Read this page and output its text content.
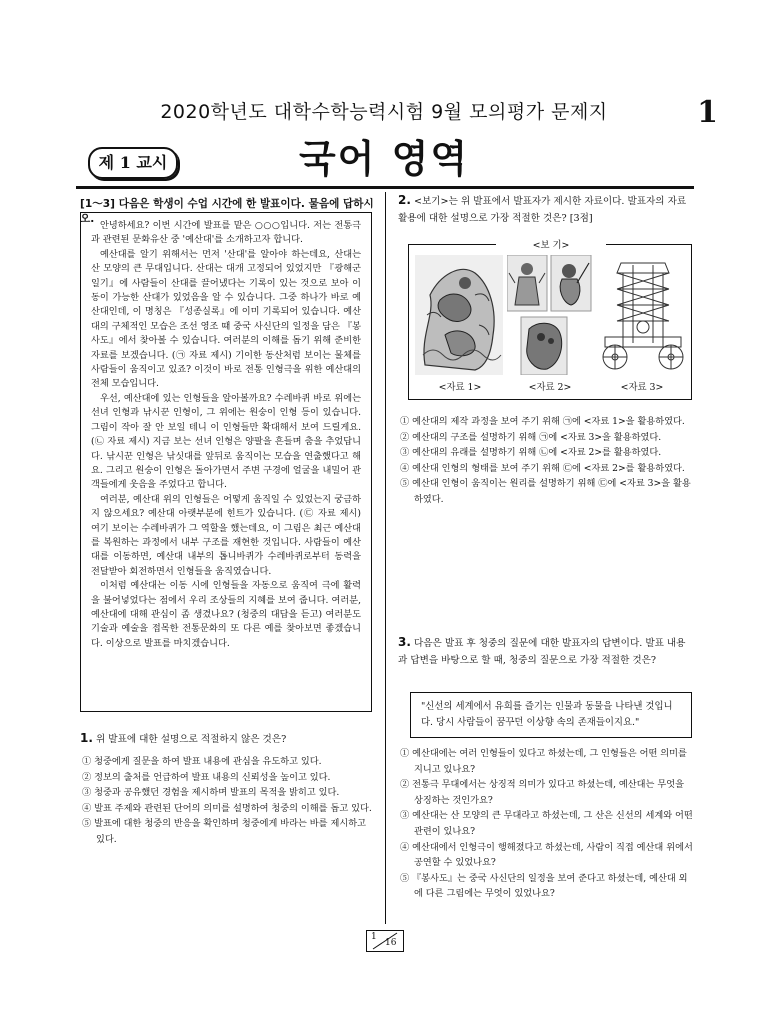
2020학년도 대학수학능력시험 9월 모의평가 문제지	1
제 1 교시	국어 영역
[1～3] 다음은 학생이 수업 시간에 한 발표이다. 물음에 답하시오.

안녕하세요? 이번 시간에 발표를 맡은 ○○○입니다. 저는 전통극과 관련된 문화유산 중 '예산대'를 소개하고자 합니다.

예산대를 알기 위해서는 먼저 '산대'를 알아야 하는데요, 산대는 산 모양의 큰 무대입니다. 산대는 대개 고정되어 있었지만 『광해군일기』에 사람들이 산대를 끌어냈다는 기록이 있는 것으로 보아 이동이 가능한 산대가 있었음을 알 수 있습니다. 그중 하나가 바로 예산대인데, 이 명칭은 『성종실록』에 이미 기록되어 있습니다. 예산대의 구체적인 모습은 조선 영조 때 중국 사신단의 일정을 담은 『봉사도』에서 찾아볼 수 있습니다. 여러분의 이해를 돕기 위해 준비한 자료를 보겠습니다. (㉠ 자료 제시) 기이한 동산처럼 보이는 물체를 사람들이 움직이고 있죠? 이것이 바로 전통 인형극을 위한 예산대의 전체 모습입니다.

우선, 예산대에 있는 인형들을 알아볼까요? 수레바퀴 바로 위에는 선녀 인형과 낚시꾼 인형이, 그 위에는 원숭이 인형 등이 있습니다. 그림이 작아 잘 안 보일 테니 이 인형들만 확대해서 보여 드릴게요. (㉡ 자료 제시) 지금 보는 선녀 인형은 양팔을 흔들며 춤을 추었답니다. 낚시꾼 인형은 낚싯대를 앞뒤로 움직이는 모습을 연출했다고 해요. 그리고 원숭이 인형은 돌아가면서 주변 구경에 얼굴을 내밀어 관객들에게 웃음을 주었다고 합니다.

여러분, 예산대 위의 인형들은 어떻게 움직일 수 있었는지 궁금하지 않으세요? 예산대 아랫부분에 힌트가 있습니다. (㉢ 자료 제시) 여기 보이는 수레바퀴가 그 역할을 했는데요, 이 그림은 최근 예산대를 복원하는 과정에서 내부 구조를 재현한 것입니다. 사람들이 예산대를 이동하면, 예산대 내부의 톱니바퀴가 수레바퀴로부터 동력을 전달받아 회전하면서 인형들을 움직였습니다.

이처럼 예산대는 이동 시에 인형들을 자동으로 움직여 극에 활력을 불어넣었다는 점에서 우리 조상들의 지혜를 보여 줍니다. 여러분, 예산대에 대해 관심이 좀 생겼나요? (청중의 대답을 듣고) 여러분도 기술과 예술을 접목한 전통문화의 또 다른 예를 찾아보면 좋겠습니다. 이상으로 발표를 마치겠습니다.

1. 위 발표에 대한 설명으로 적절하지 않은 것은?

① 청중에게 질문을 하여 발표 내용에 관심을 유도하고 있다.

② 정보의 출처를 언급하여 발표 내용의 신뢰성을 높이고 있다.

③ 청중과 공유했던 경험을 제시하며 발표의 목적을 밝히고 있다.

④ 발표 주제와 관련된 단어의 의미를 설명하여 청중의 이해를 돕고 있다.

⑤ 발표에 대한 청중의 반응을 확인하며 청중에게 바라는 바를 제시하고 있다.

2. <보기>는 위 발표에서 발표자가 제시한 자료이다. 발표자의 자료 활용에 대한 설명으로 가장 적절한 것은? [3점]
<보 기>
<자료 1>	<자료 2>	<자료 3>

① 예산대의 제작 과정을 보여 주기 위해 ㉠에 <자료 1>을 활용하였다.

② 예산대의 구조를 설명하기 위해 ㉠에 <자료 3>을 활용하였다.

③ 예산대의 유래를 설명하기 위해 ㉡에 <자료 2>를 활용하였다.

④ 예산대 인형의 형태를 보여 주기 위해 ㉢에 <자료 2>를 활용하였다.

⑤ 예산대 인형이 움직이는 원리를 설명하기 위해 ㉢에 <자료 3>을 활용하였다.

3. 다음은 발표 후 청중의 질문에 대한 발표자의 답변이다. 발표 내용과 답변을 바탕으로 할 때, 청중의 질문으로 가장 적절한 것은?
"신선의 세계에서 유희를 즐기는 인물과 동물을 나타낸 것입니다. 당시 사람들이 꿈꾸던 이상향 속의 존재들이지요."

① 예산대에는 여러 인형들이 있다고 하셨는데, 그 인형들은 어떤 의미를 지니고 있나요?

② 전통극 무대에서는 상징적 의미가 있다고 하셨는데, 예산대는 무엇을 상징하는 것인가요?

③ 예산대는 산 모양의 큰 무대라고 하셨는데, 그 산은 신선의 세계와 어떤 관련이 있나요?

④ 예산대에서 인형극이 행해졌다고 하셨는데, 사람이 직접 예산대 위에서 공연할 수 있었나요?

⑤ 『봉사도』는 중국 사신단의 일정을 보여 준다고 하셨는데, 예산대 외에 다른 그림에는 무엇이 있었나요?

1
16
